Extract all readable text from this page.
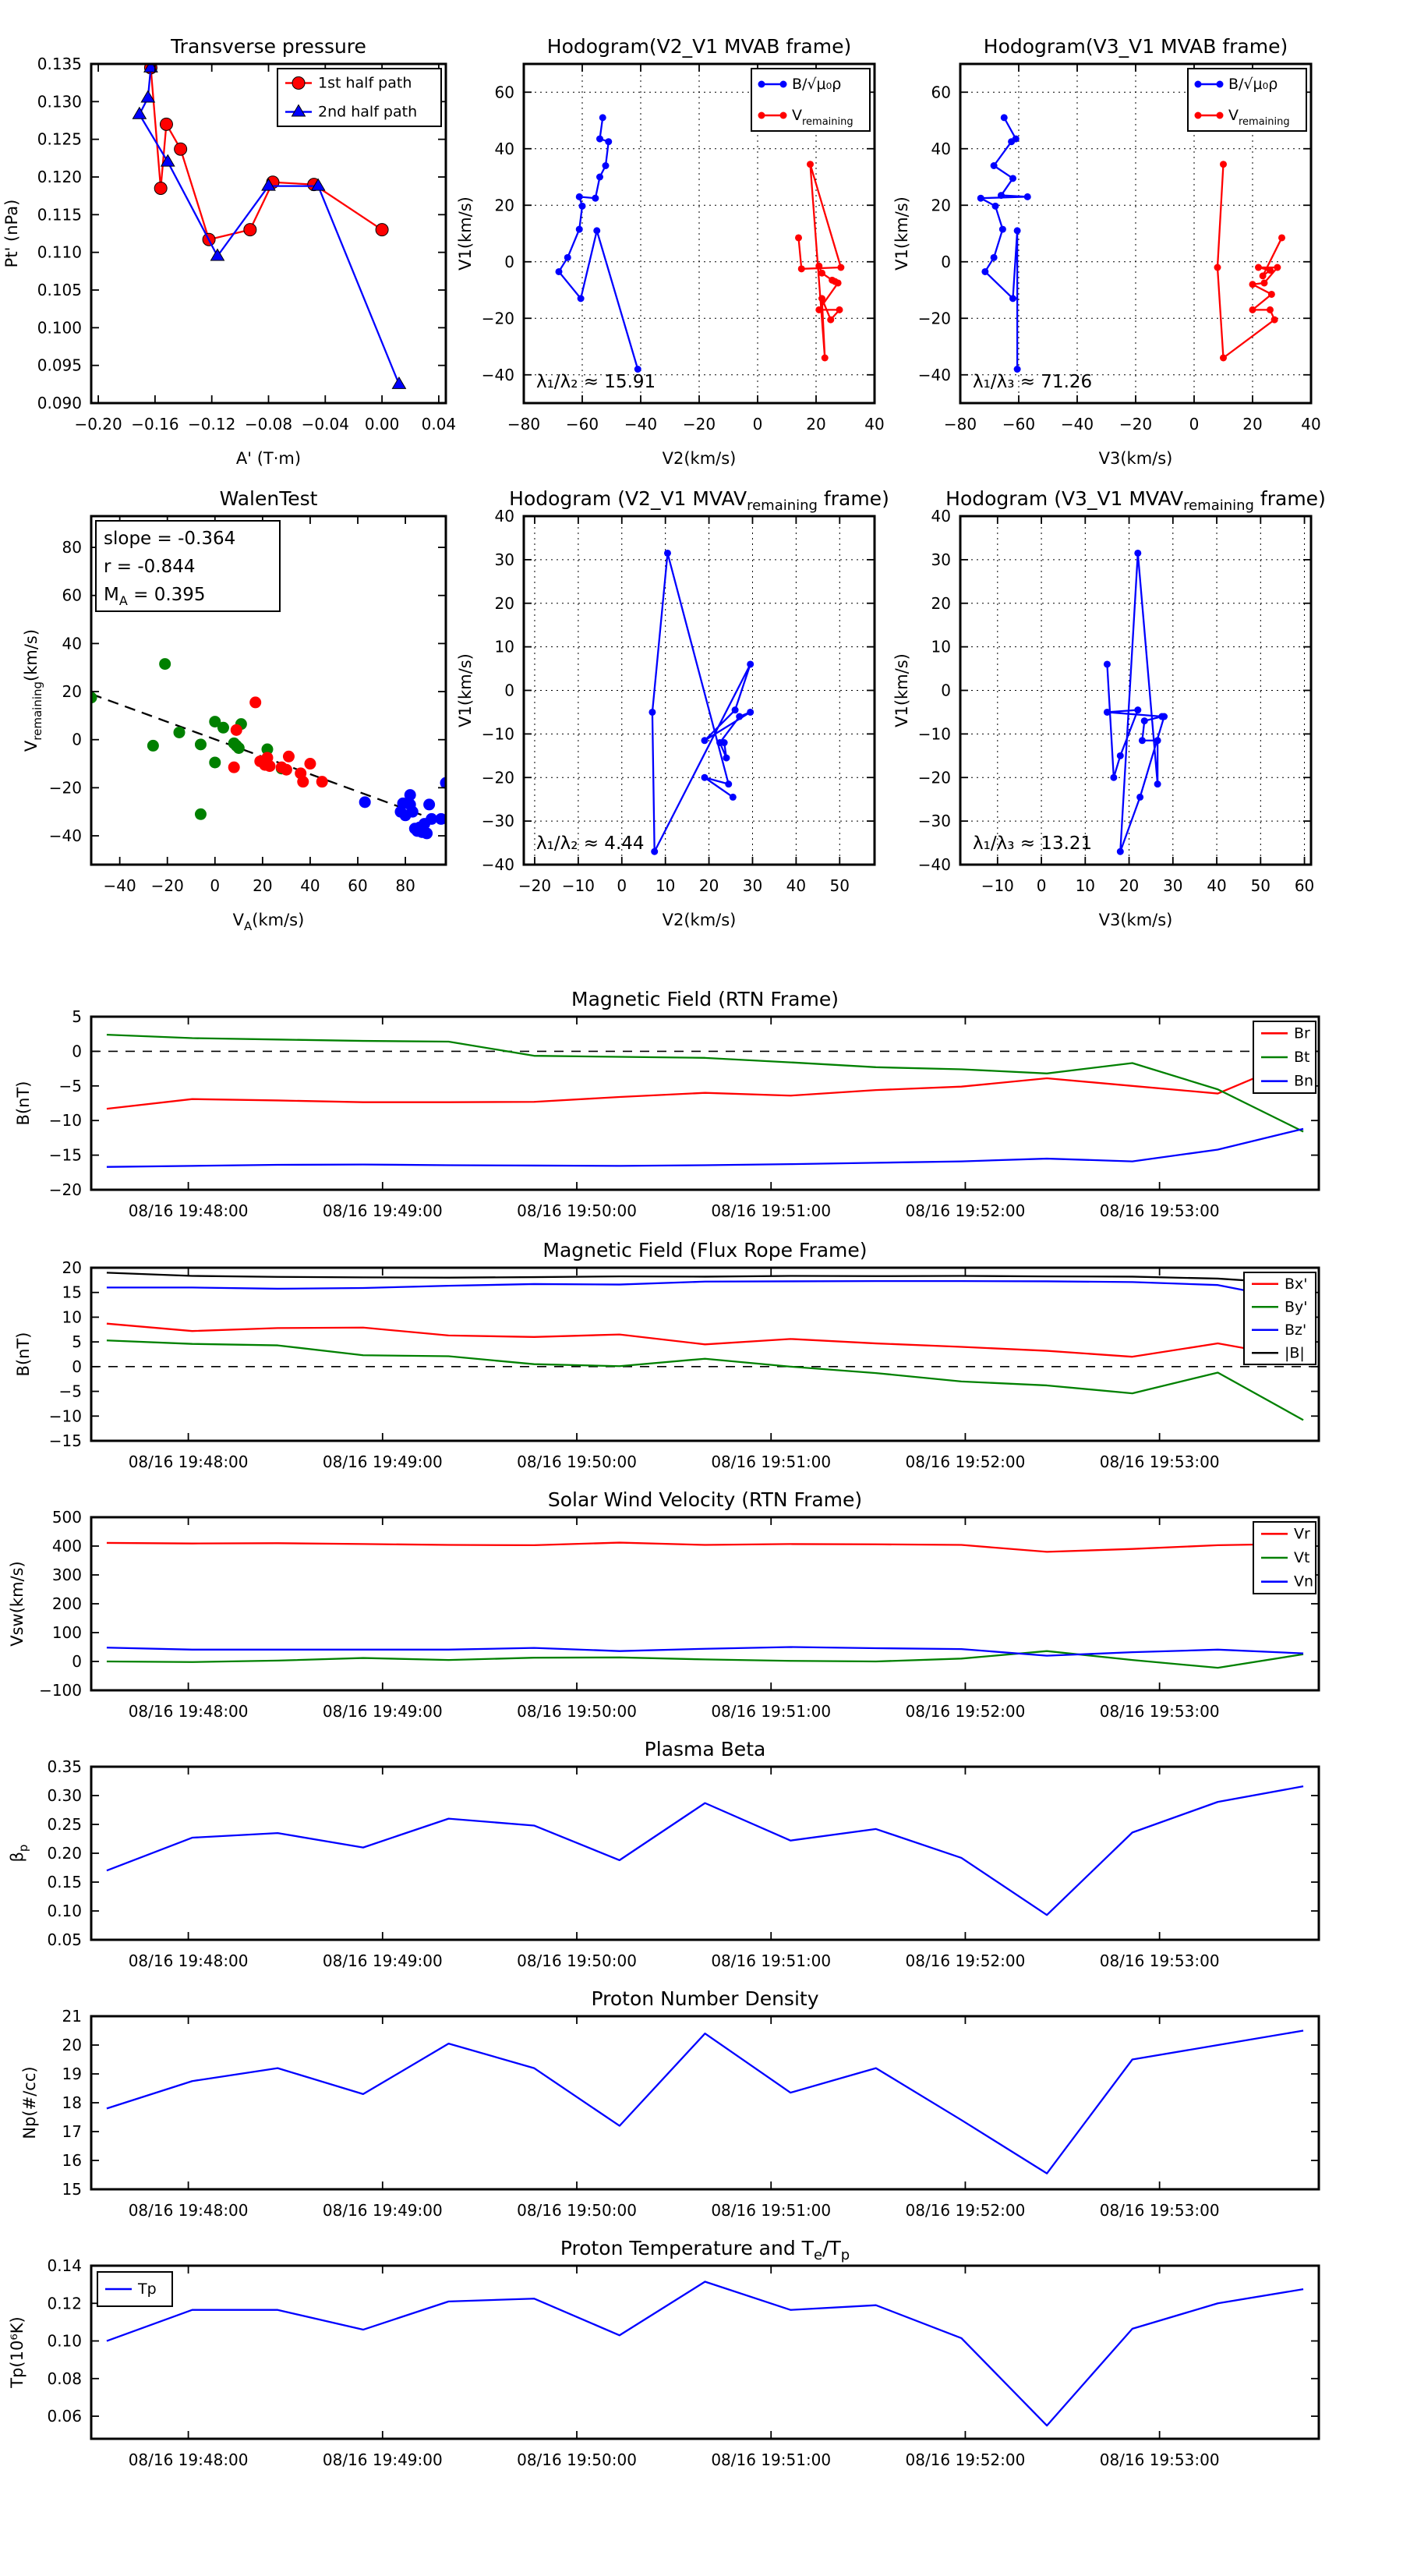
−0.20 −0.16 −0.12 −0.08 −0.04 0.00 0.04
0.135
0.130
0.125
0.120
0.115
0.110
0.105
0.100
0.095
0.090
Transverse pressure
A' (T·m)
Pt' (nPa)
1st half path
2nd half path
−80 −60 −40 −20 0	20 40
60
40
20
0
−20
−40
Hodogram(V2_V1 MVAB frame)
V2(km/s)
V1(km/s)
λ₁/λ₂ ≈ 15.91
B/√μ₀ρ
$V_{remaining}$
−80 −60 −40 −20 0	20 40
60
40
20
0
−20
−40
Hodogram(V3_V1 MVAB frame)
V3(km/s)
V1(km/s)
λ₁/λ₃ ≈ 71.26
B/√μ₀ρ
$V_{remaining}$
−40 −20 0 20 40 60 80
80
60
40
20
0
−20
−40
WalenTest
$V_A(km/s)$
$V_{remaining}(km/s)$
slope = -0.364
r = -0.844
$M_A = 0.395$
−20 −10 0 10 20 30 40 50
40
30
20
10
0
−10
−20
−30
−40
Hodogram (V2_V1 $MVAV_{remaining}$ frame)
V2(km/s)
V1(km/s)
λ₁/λ₂ ≈ 4.44
−10 0 10 20 30 40 50 60
40
30
20
10
0
−10
−20
−30
−40
Hodogram (V3_V1 $MVAV_{remaining}$ frame)
V3(km/s)
V1(km/s)
λ₁/λ₃ ≈ 13.21
08/16 19:48:00	08/16 19:49:00	08/16 19:50:00	08/16 19:51:00	08/16 19:52:00	08/16 19:53:00
5
0
−5
−10
−15
−20
Magnetic Field (RTN Frame)
B(nT)
Br
Bt
Bn
08/16 19:48:00	08/16 19:49:00	08/16 19:50:00	08/16 19:51:00	08/16 19:52:00	08/16 19:53:00
20
15
10
5
0
−5
−10
−15
Magnetic Field (Flux Rope Frame)
B(nT)
Bx'
By'
Bz'
|B|
08/16 19:48:00	08/16 19:49:00	08/16 19:50:00	08/16 19:51:00	08/16 19:52:00	08/16 19:53:00
500
400
300
200
100
0
−100
Solar Wind Velocity (RTN Frame)
Vsw(km/s)
Vr
Vt
Vn
08/16 19:48:00	08/16 19:49:00	08/16 19:50:00	08/16 19:51:00	08/16 19:52:00	08/16 19:53:00
0.35
0.30
0.25
0.20
0.15
0.10
0.05
Plasma Beta
$\beta_p$
08/16 19:48:00	08/16 19:49:00	08/16 19:50:00	08/16 19:51:00	08/16 19:52:00	08/16 19:53:00
21
20
19
18
17
16
15
Proton Number Density
Np(#/cc)
08/16 19:48:00	08/16 19:49:00	08/16 19:50:00	08/16 19:51:00	08/16 19:52:00	08/16 19:53:00
0.14
0.12
0.10
0.08
0.06
Proton Temperature and $T_e/T_p$
Tp(10⁶K)
Tp
